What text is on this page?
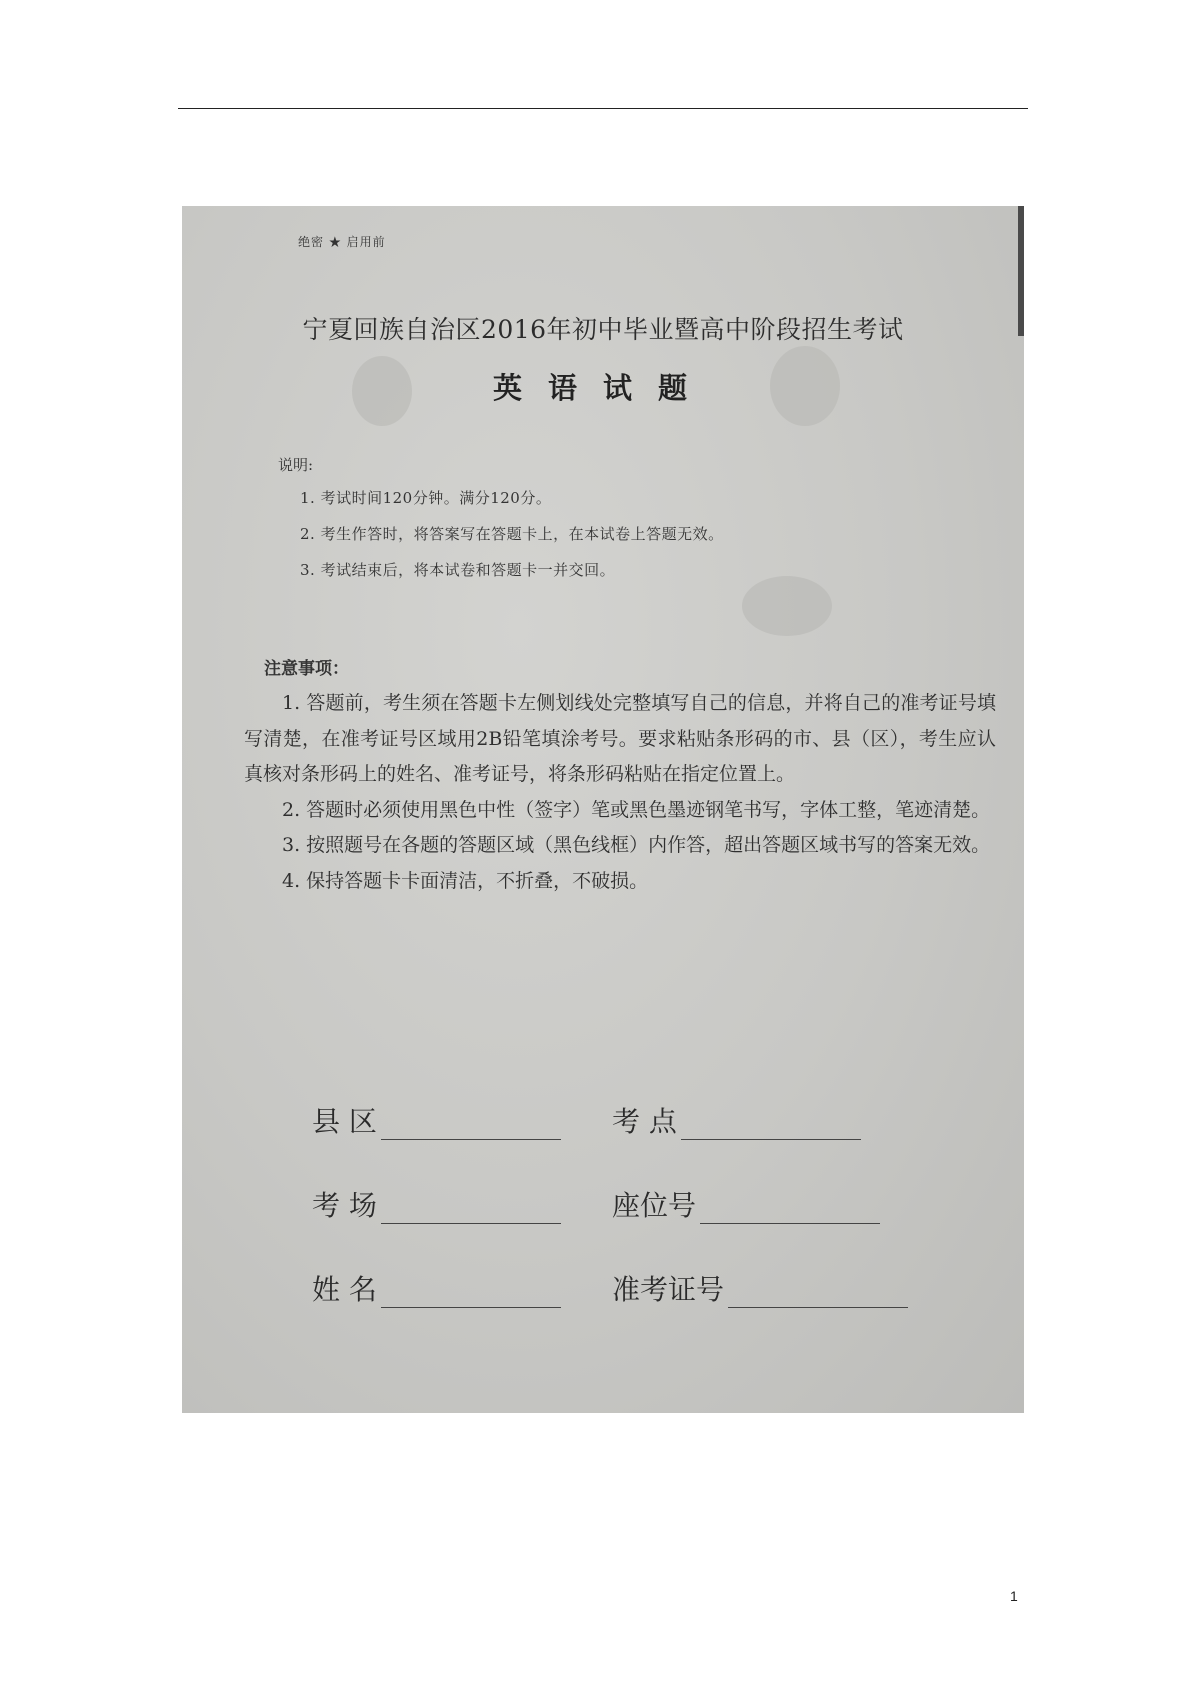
绝密 ★ 启用前
宁夏回族自治区2016年初中毕业暨高中阶段招生考试
英语试题
说明:
1. 考试时间120分钟。满分120分。
2. 考生作答时，将答案写在答题卡上，在本试卷上答题无效。
3. 考试结束后，将本试卷和答题卡一并交回。
注意事项：

1. 答题前，考生须在答题卡左侧划线处完整填写自己的信息，并将自己的准考证号填写清楚，在准考证号区域用2B铅笔填涂考号。要求粘贴条形码的市、县（区），考生应认真核对条形码上的姓名、准考证号，将条形码粘贴在指定位置上。

2. 答题时必须使用黑色中性（签字）笔或黑色墨迹钢笔书写，字体工整，笔迹清楚。

3. 按照题号在各题的答题区域（黑色线框）内作答，超出答题区域书写的答案无效。

4. 保持答题卡卡面清洁，不折叠，不破损。

县 区	考 点
考 场	座位号
姓 名	准考证号
1
